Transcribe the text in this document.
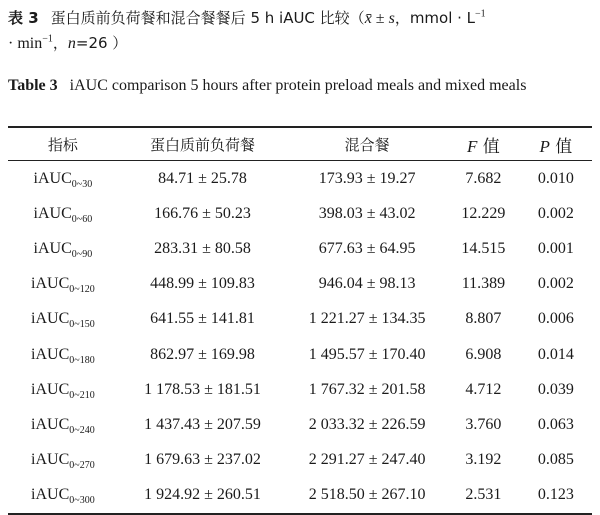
表 3 蛋白质前负荷餐和混合餐餐后 5 h iAUC 比较（x̄ ± s，mmol · $L^{-1}$
· $\min^{-1}$，n=26 ）
Table 3 iAUC comparison 5 hours after protein preload meals and mixed meals
指标	蛋白质前负荷餐	混合餐	F 值	P 值
iAUC$_{0\sim 30}$	84.71 ± 25.78	173.93 ± 19.27	7.682	0.010
iAUC$_{0\sim 60}$	166.76 ± 50.23	398.03 ± 43.02	12.229	0.002
iAUC$_{0\sim 90}$	283.31 ± 80.58	677.63 ± 64.95	14.515	0.001
iAUC$_{0\sim 120}$	448.99 ± 109.83	946.04 ± 98.13	11.389	0.002
iAUC$_{0\sim 150}$	641.55 ± 141.81	1 221.27 ± 134.35	8.807	0.006
iAUC$_{0\sim 180}$	862.97 ± 169.98	1 495.57 ± 170.40	6.908	0.014
iAUC$_{0\sim 210}$	1 178.53 ± 181.51	1 767.32 ± 201.58	4.712	0.039
iAUC$_{0\sim 240}$	1 437.43 ± 207.59	2 033.32 ± 226.59	3.760	0.063
iAUC$_{0\sim 270}$	1 679.63 ± 237.02	2 291.27 ± 247.40	3.192	0.085
iAUC$_{0\sim 300}$	1 924.92 ± 260.51	2 518.50 ± 267.10	2.531	0.123
